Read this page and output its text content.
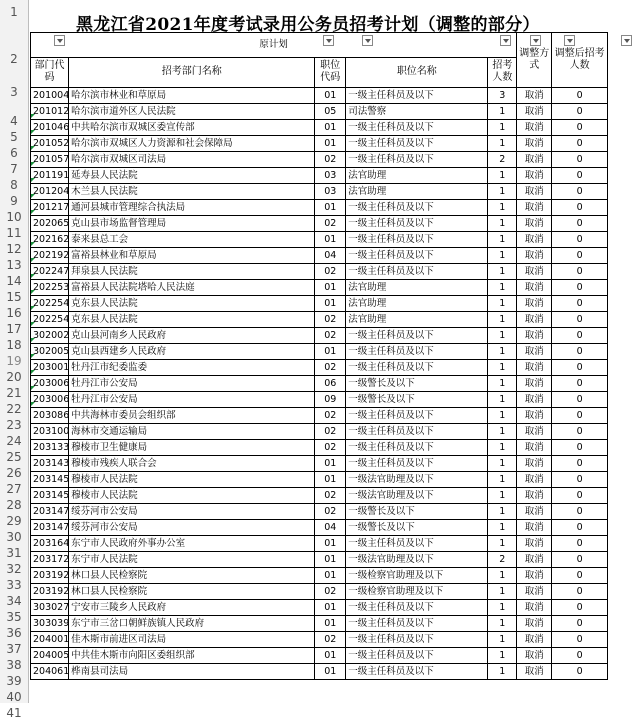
1
2
3
4
5
6
7
8
9
10
11
12
13
14
15
16
17
18
19
20
21
22
23
24
25
26
27
28
29
30
31
32
33
34
35
36
37
38
39
40
41
黑龙江省2021年度考试录用公务员招考计划（调整的部分）

原计划					调整方式	调整后招考人数
部门代码	招考部门名称	职位代码	职位名称	招考人数		
201004	哈尔滨市林业和草原局	01	一级主任科员及以下	3	取消	0
201012	哈尔滨市道外区人民法院	05	司法警察	1	取消	0
201046	中共哈尔滨市双城区委宣传部	01	一级主任科员及以下	1	取消	0
201052	哈尔滨市双城区人力资源和社会保障局	01	一级主任科员及以下	1	取消	0
201057	哈尔滨市双城区司法局	02	一级主任科员及以下	2	取消	0
201191	延寿县人民法院	03	法官助理	1	取消	0
201204	木兰县人民法院	03	法官助理	1	取消	0
201217	通河县城市管理综合执法局	01	一级主任科员及以下	1	取消	0
202065	克山县市场监督管理局	02	一级主任科员及以下	1	取消	0
202162	泰来县总工会	01	一级主任科员及以下	1	取消	0
202192	富裕县林业和草原局	04	一级主任科员及以下	1	取消	0
202247	拜泉县人民法院	02	一级主任科员及以下	1	取消	0
202253	富裕县人民法院塔哈人民法庭	01	法官助理	1	取消	0
202254	克东县人民法院	01	法官助理	1	取消	0
202254	克东县人民法院	02	法官助理	1	取消	0
302002	克山县河南乡人民政府	02	一级主任科员及以下	1	取消	0
302005	克山县西建乡人民政府	01	一级主任科员及以下	1	取消	0
203001	牡丹江市纪委监委	02	一级主任科员及以下	1	取消	0
203006	牡丹江市公安局	06	一级警长及以下	1	取消	0
203006	牡丹江市公安局	09	一级警长及以下	1	取消	0
203086	中共海林市委员会组织部	02	一级主任科员及以下	1	取消	0
203100	海林市交通运输局	02	一级主任科员及以下	1	取消	0
203133	穆棱市卫生健康局	02	一级主任科员及以下	1	取消	0
203143	穆棱市残疾人联合会	01	一级主任科员及以下	1	取消	0
203145	穆棱市人民法院	01	一级法官助理及以下	1	取消	0
203145	穆棱市人民法院	02	一级法官助理及以下	1	取消	0
203147	绥芬河市公安局	02	一级警长及以下	1	取消	0
203147	绥芬河市公安局	04	一级警长及以下	1	取消	0
203164	东宁市人民政府外事办公室	01	一级主任科员及以下	1	取消	0
203172	东宁市人民法院	01	一级法官助理及以下	2	取消	0
203192	林口县人民检察院	01	一级检察官助理及以下	1	取消	0
203192	林口县人民检察院	02	一级检察官助理及以下	1	取消	0
303027	宁安市三陵乡人民政府	01	一级主任科员及以下	1	取消	0
303039	东宁市三岔口朝鲜族镇人民政府	01	一级主任科员及以下	1	取消	0
204001	佳木斯市前进区司法局	02	一级主任科员及以下	1	取消	0
204005	中共佳木斯市向阳区委组织部	01	一级主任科员及以下	1	取消	0
204061	桦南县司法局	01	一级主任科员及以下	1	取消	0
